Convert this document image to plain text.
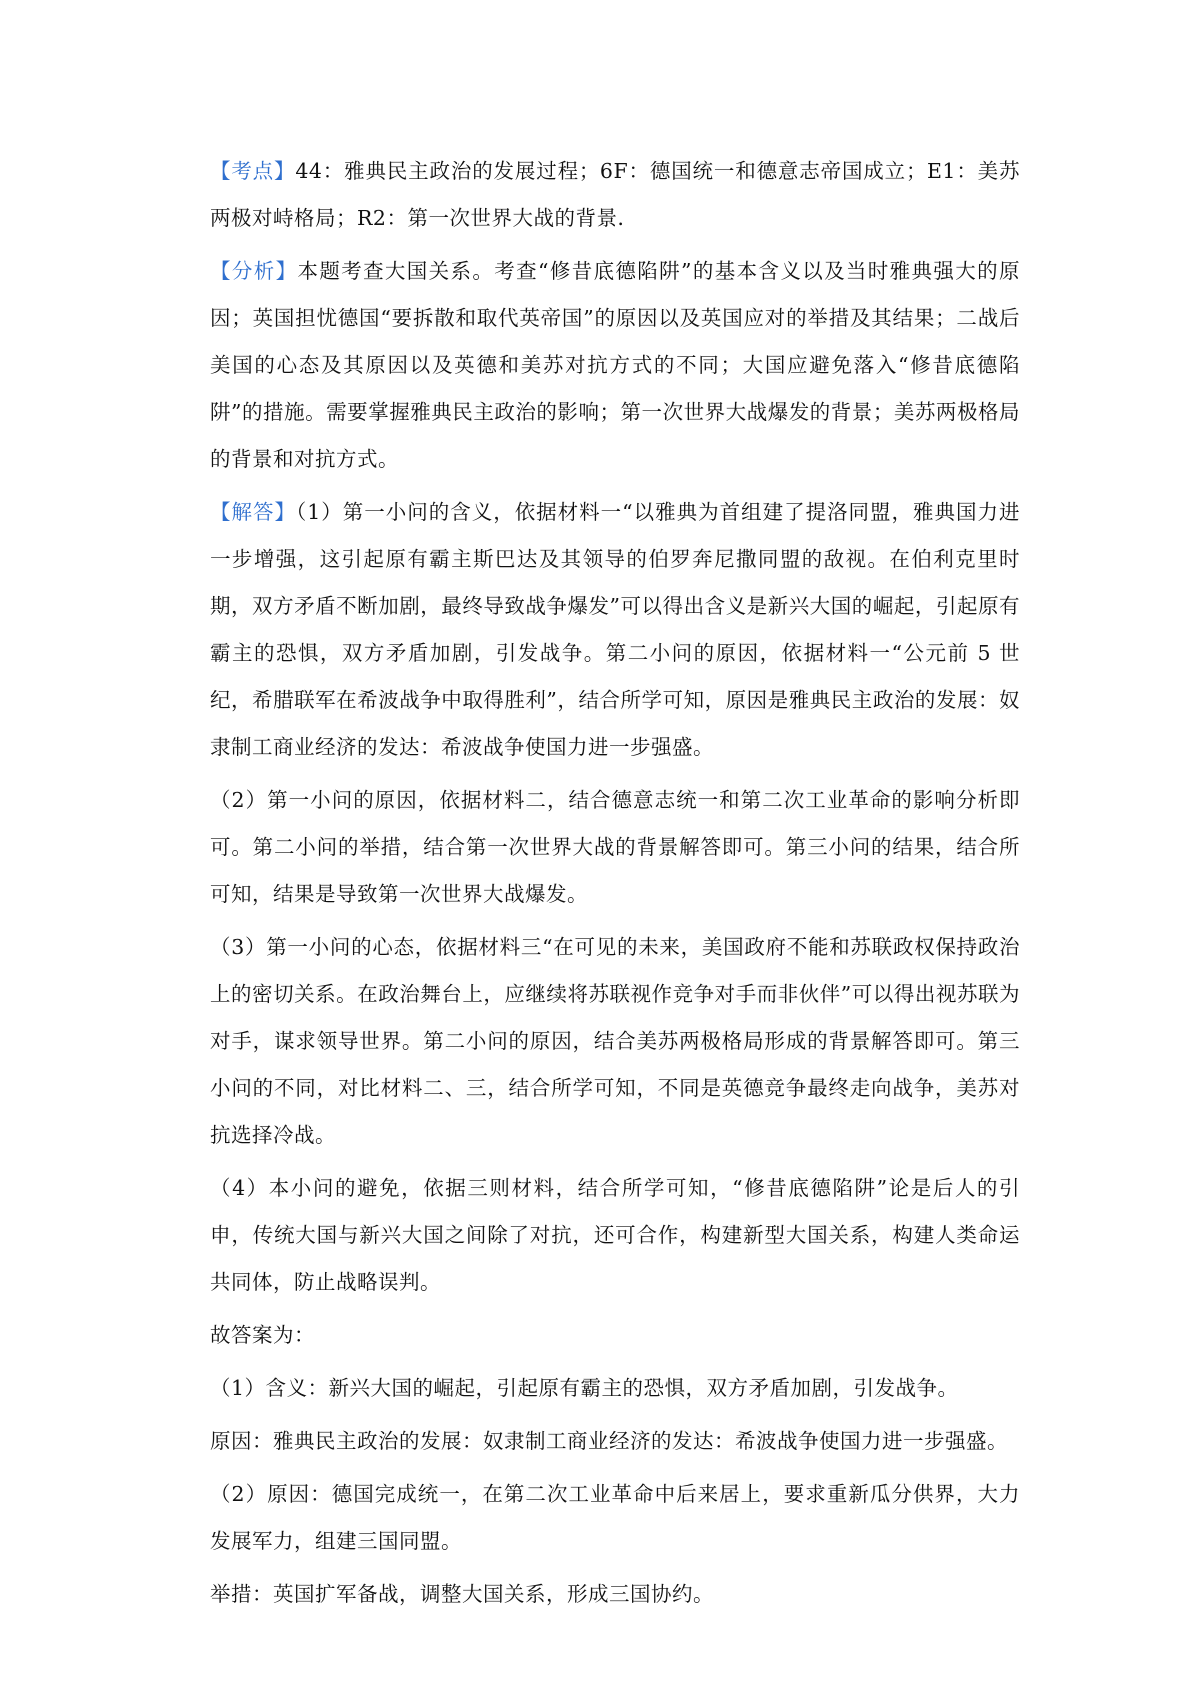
【考点】44：雅典民主政治的发展过程；6F：德国统一和德意志帝国成立；E1：美苏两极对峙格局；R2：第一次世界大战的背景．

【分析】本题考查大国关系。考查“修昔底德陷阱”的基本含义以及当时雅典强大的原因；英国担忧德国“要拆散和取代英帝国”的原因以及英国应对的举措及其结果；二战后美国的心态及其原因以及英德和美苏对抗方式的不同；大国应避免落入“修昔底德陷阱”的措施。需要掌握雅典民主政治的影响；第一次世界大战爆发的背景；美苏两极格局的背景和对抗方式。

【解答】（1）第一小问的含义，依据材料一“以雅典为首组建了提洛同盟，雅典国力进一步增强，这引起原有霸主斯巴达及其领导的伯罗奔尼撒同盟的敌视。在伯利克里时期，双方矛盾不断加剧，最终导致战争爆发”可以得出含义是新兴大国的崛起，引起原有霸主的恐惧，双方矛盾加剧，引发战争。第二小问的原因，依据材料一“公元前 5 世纪，希腊联军在希波战争中取得胜利”，结合所学可知，原因是雅典民主政治的发展：奴隶制工商业经济的发达：希波战争使国力进一步强盛。

（2）第一小问的原因，依据材料二，结合德意志统一和第二次工业革命的影响分析即可。第二小问的举措，结合第一次世界大战的背景解答即可。第三小问的结果，结合所可知，结果是导致第一次世界大战爆发。

（3）第一小问的心态，依据材料三“在可见的未来，美国政府不能和苏联政权保持政治上的密切关系。在政治舞台上，应继续将苏联视作竞争对手而非伙伴”可以得出视苏联为对手，谋求领导世界。第二小问的原因，结合美苏两极格局形成的背景解答即可。第三小问的不同，对比材料二、三，结合所学可知，不同是英德竞争最终走向战争，美苏对抗选择冷战。

（4）本小问的避免，依据三则材料，结合所学可知，“修昔底德陷阱”论是后人的引申，传统大国与新兴大国之间除了对抗，还可合作，构建新型大国关系，构建人类命运共同体，防止战略误判。

故答案为：

（1）含义：新兴大国的崛起，引起原有霸主的恐惧，双方矛盾加剧，引发战争。

原因：雅典民主政治的发展：奴隶制工商业经济的发达：希波战争使国力进一步强盛。

（2）原因：德国完成统一，在第二次工业革命中后来居上，要求重新瓜分供界，大力发展军力，组建三国同盟。

举措：英国扩军备战，调整大国关系，形成三国协约。
